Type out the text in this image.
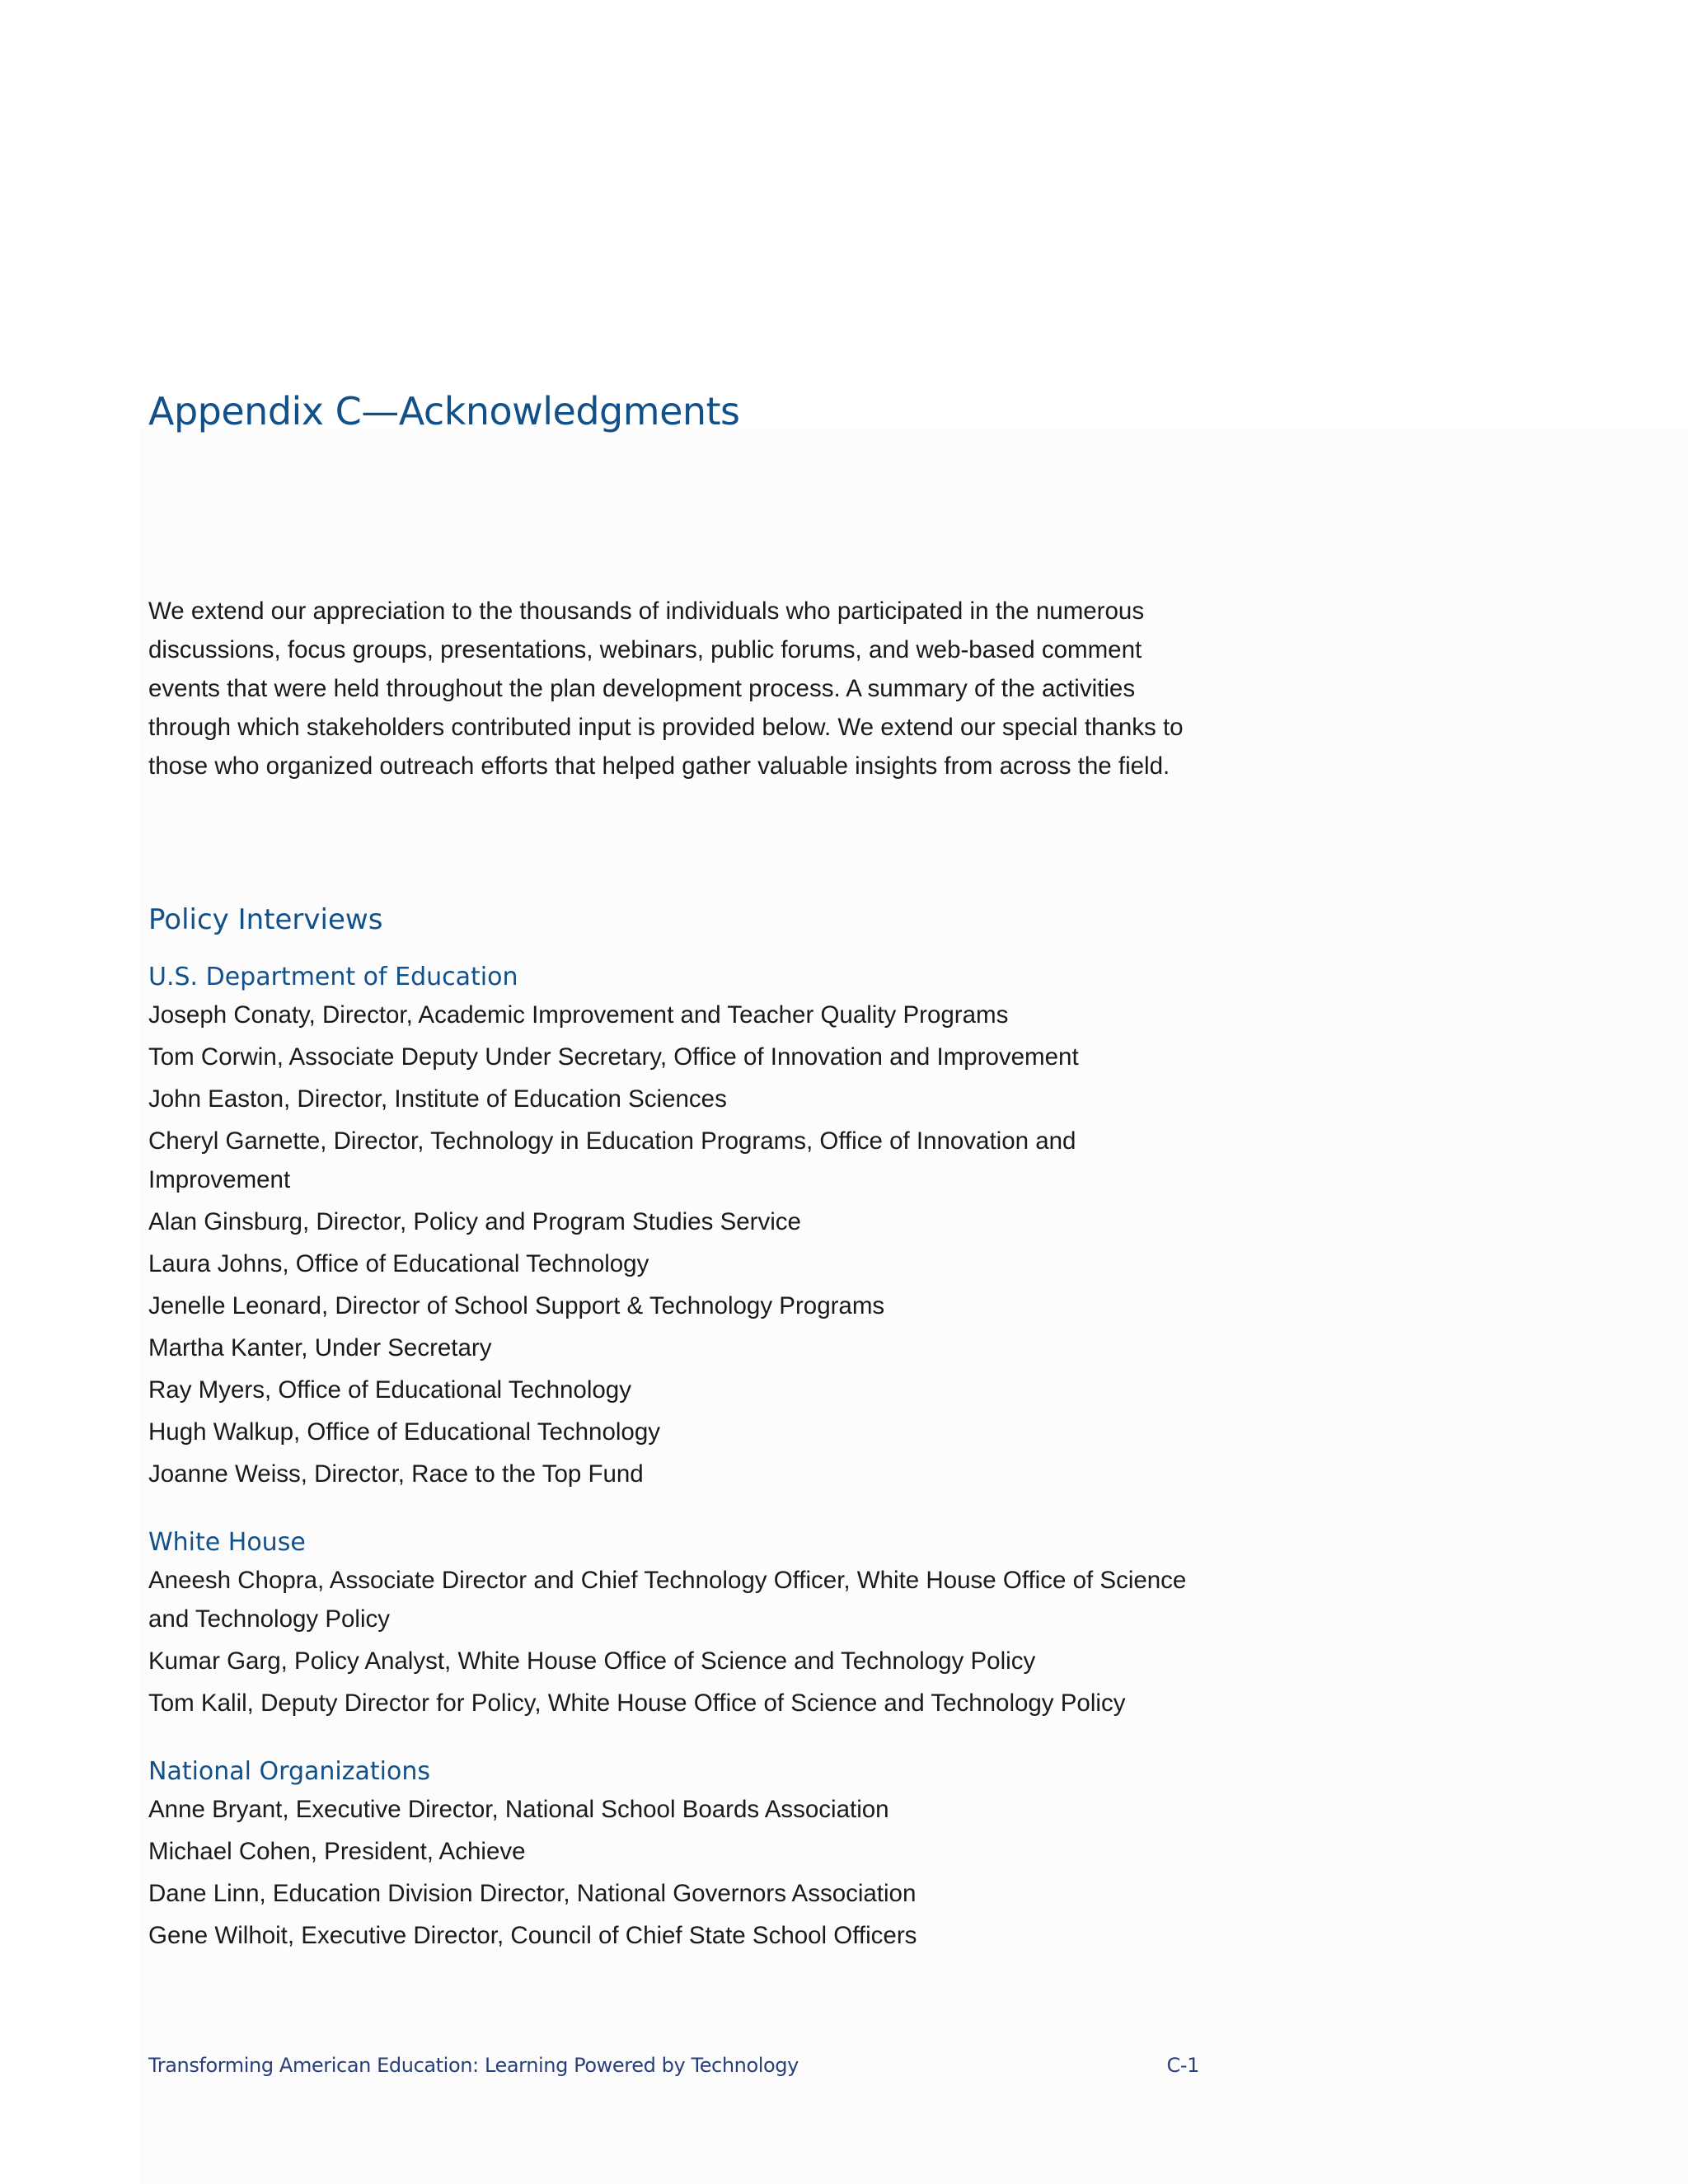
Appendix C—Acknowledgments

We extend our appreciation to the thousands of individuals who participated in the numerous discussions, focus groups, presentations, webinars, public forums, and web-based comment events that were held throughout the plan development process. A summary of the activities through which stakeholders contributed input is provided below. We extend our special thanks to those who organized outreach efforts that helped gather valuable insights from across the field.

Policy Interviews
U.S. Department of Education
Joseph Conaty, Director, Academic Improvement and Teacher Quality Programs
Tom Corwin, Associate Deputy Under Secretary, Office of Innovation and Improvement
John Easton, Director, Institute of Education Sciences
Cheryl Garnette, Director, Technology in Education Programs, Office of Innovation and Improvement
Alan Ginsburg, Director, Policy and Program Studies Service
Laura Johns, Office of Educational Technology
Jenelle Leonard, Director of School Support & Technology Programs
Martha Kanter, Under Secretary
Ray Myers, Office of Educational Technology
Hugh Walkup, Office of Educational Technology
Joanne Weiss, Director, Race to the Top Fund
White House
Aneesh Chopra, Associate Director and Chief Technology Officer, White House Office of Science and Technology Policy
Kumar Garg, Policy Analyst, White House Office of Science and Technology Policy
Tom Kalil, Deputy Director for Policy, White House Office of Science and Technology Policy
National Organizations
Anne Bryant, Executive Director, National School Boards Association
Michael Cohen, President, Achieve
Dane Linn, Education Division Director, National Governors Association
Gene Wilhoit, Executive Director, Council of Chief State School Officers
Transforming American Education: Learning Powered by Technology	C-1
